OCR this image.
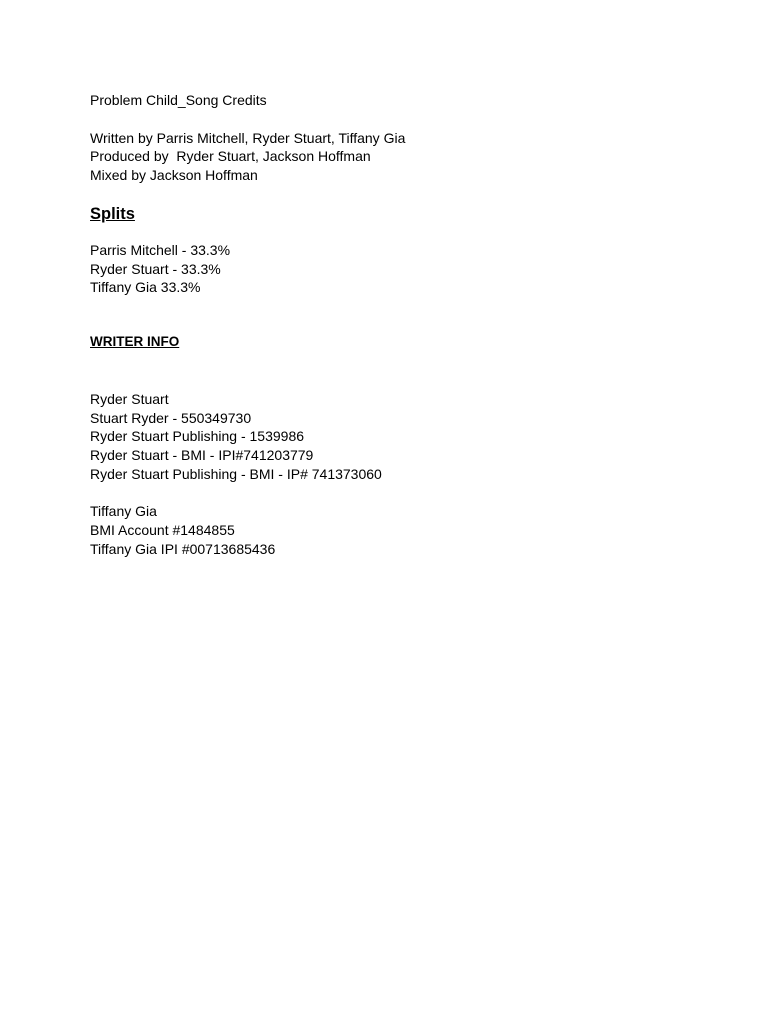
Problem Child_Song Credits

Written by Parris Mitchell, Ryder Stuart, Tiffany Gia

Produced by  Ryder Stuart, Jackson Hoffman

Mixed by Jackson Hoffman

Splits

Parris Mitchell - 33.3%

Ryder Stuart - 33.3%

Tiffany Gia 33.3%

WRITER INFO

Ryder Stuart

Stuart Ryder - 550349730

Ryder Stuart Publishing - 1539986

Ryder Stuart - BMI - IPI#741203779

Ryder Stuart Publishing - BMI - IP# 741373060

Tiffany Gia

BMI Account #1484855

Tiffany Gia IPI #00713685436
